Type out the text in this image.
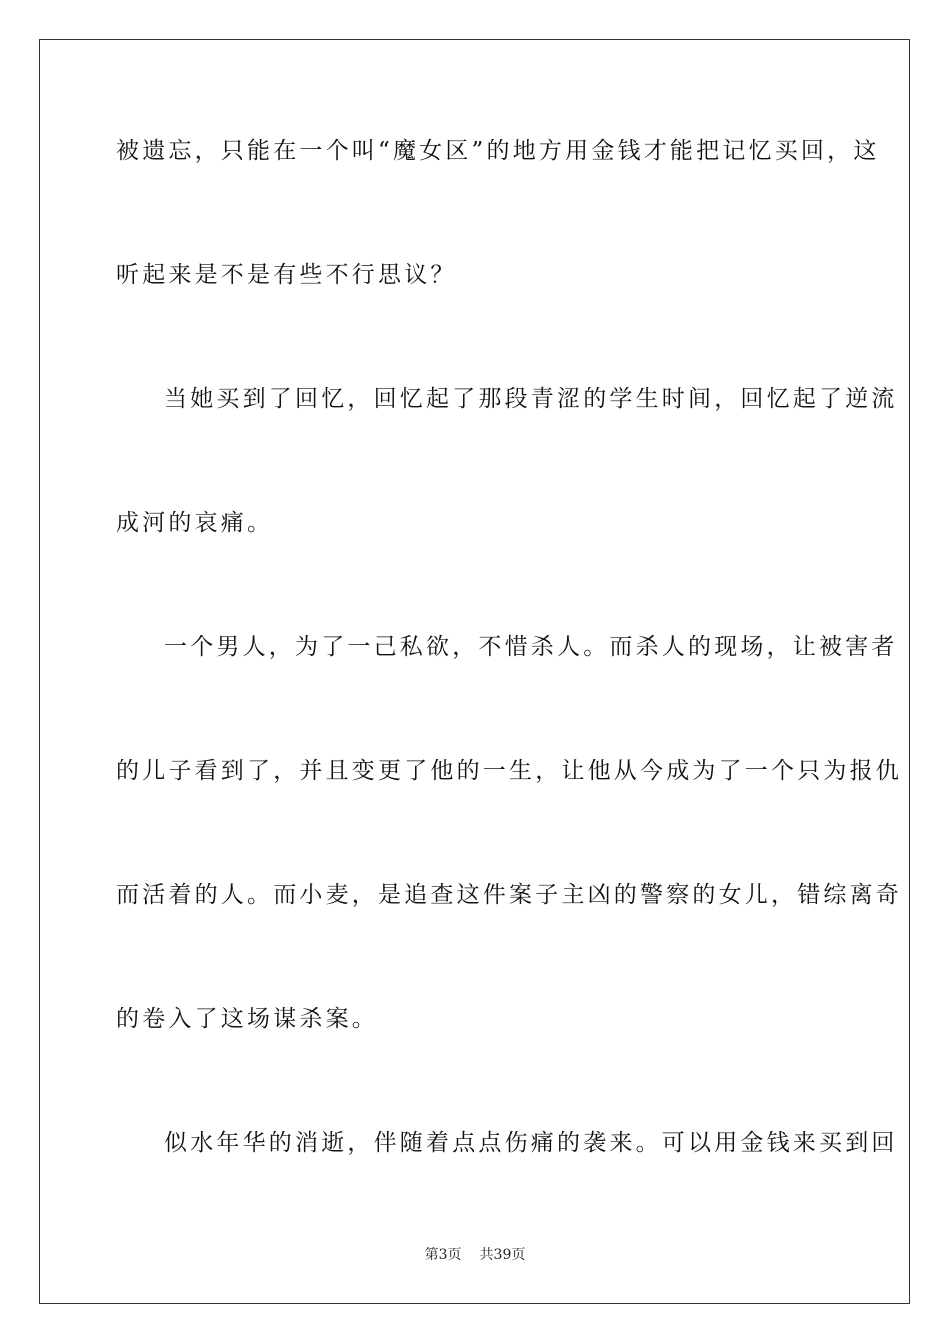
被遗忘，只能在一个叫“魔女区”的地方用金钱才能把记忆买回，这
听起来是不是有些不行思议？
当她买到了回忆，回忆起了那段青涩的学生时间，回忆起了逆流
成河的哀痛。
一个男人，为了一己私欲，不惜杀人。而杀人的现场，让被害者
的儿子看到了，并且变更了他的一生，让他从今成为了一个只为报仇
而活着的人。而小麦，是追查这件案子主凶的警察的女儿，错综离奇
的卷入了这场谋杀案。
似水年华的消逝，伴随着点点伤痛的袭来。可以用金钱来买到回
第3页 共39页
